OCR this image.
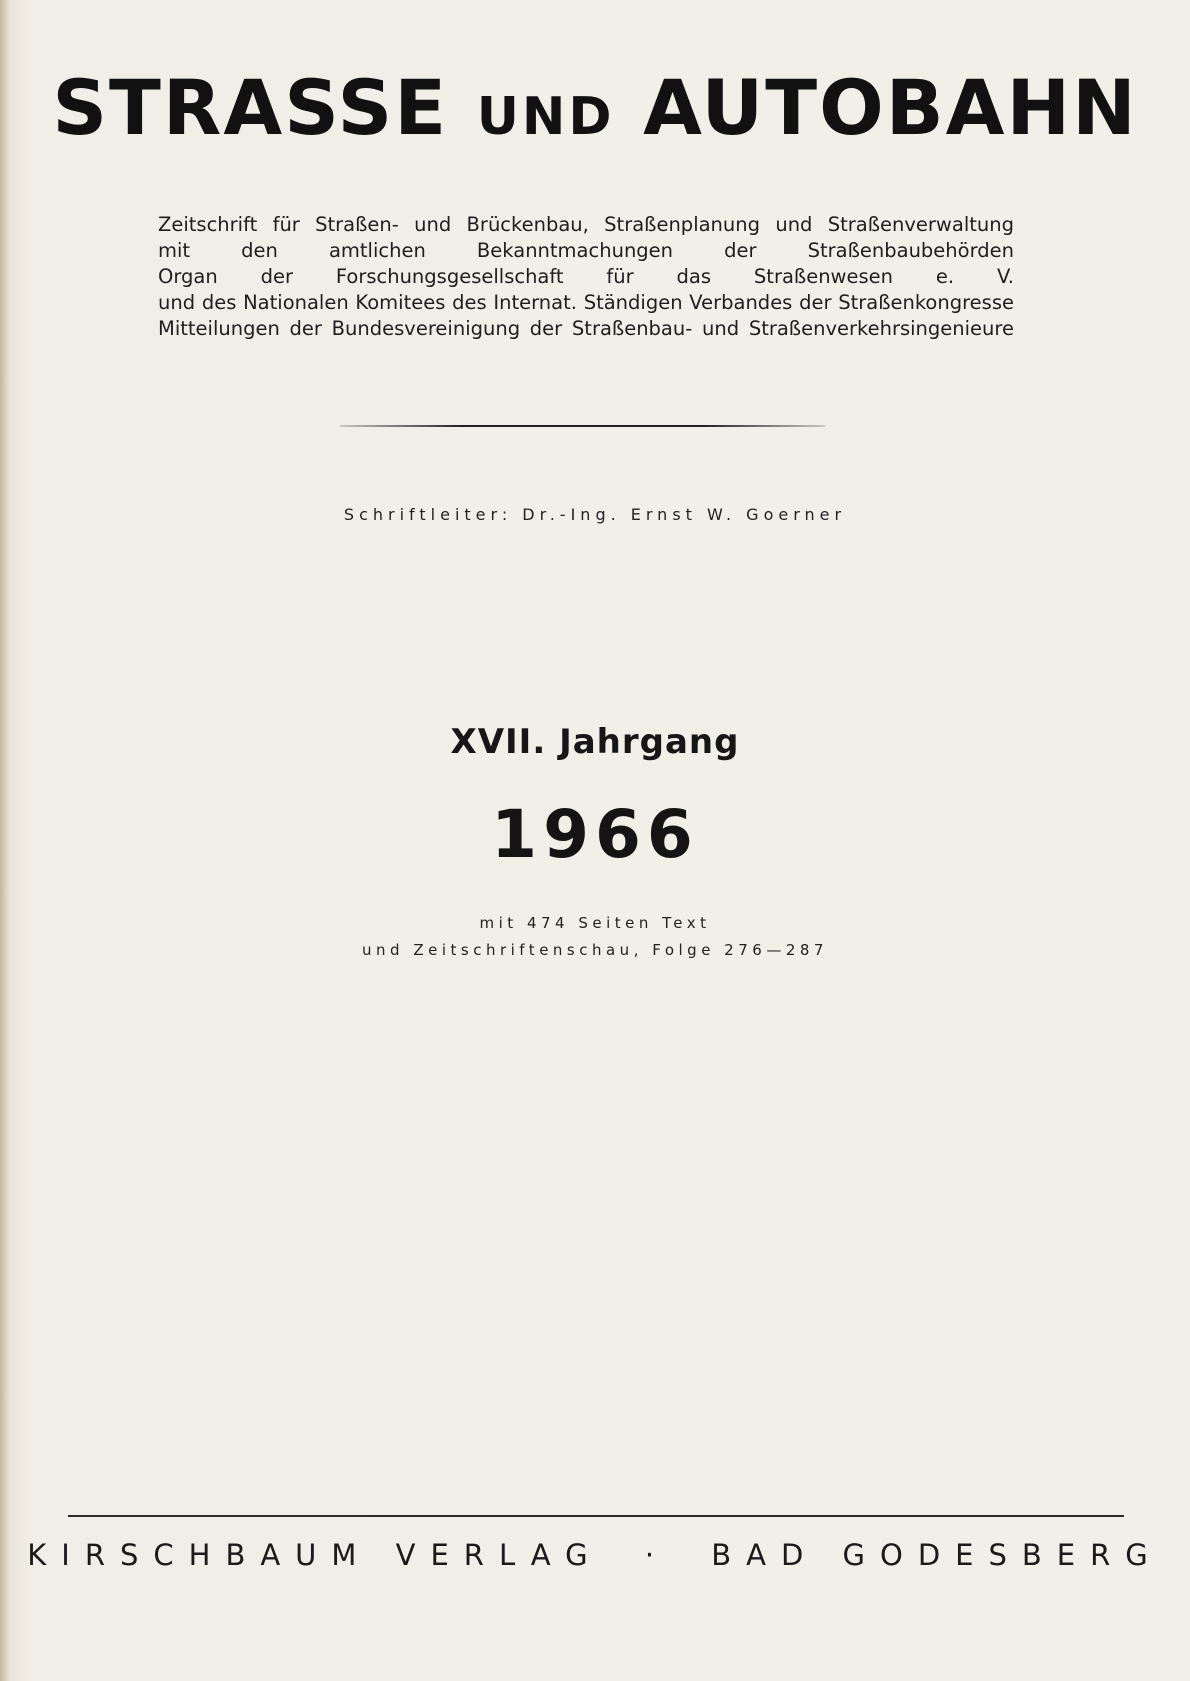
STRASSE UND AUTOBAHN
Zeitschrift für Straßen- und Brückenbau, Straßenplanung und Straßenverwaltung
mit den amtlichen Bekanntmachungen der Straßenbaubehörden
Organ der Forschungsgesellschaft für das Straßenwesen e. V.
und des Nationalen Komitees des Internat. Ständigen Verbandes der Straßenkongresse
Mitteilungen der Bundesvereinigung der Straßenbau- und Straßenverkehrsingenieure
Schriftleiter: Dr.-Ing. Ernst W. Goerner
XVII. Jahrgang
1966
mit 474 Seiten Text
und Zeitschriftenschau, Folge 276—287
KIRSCHBAUM VERLAG · BAD GODESBERG
